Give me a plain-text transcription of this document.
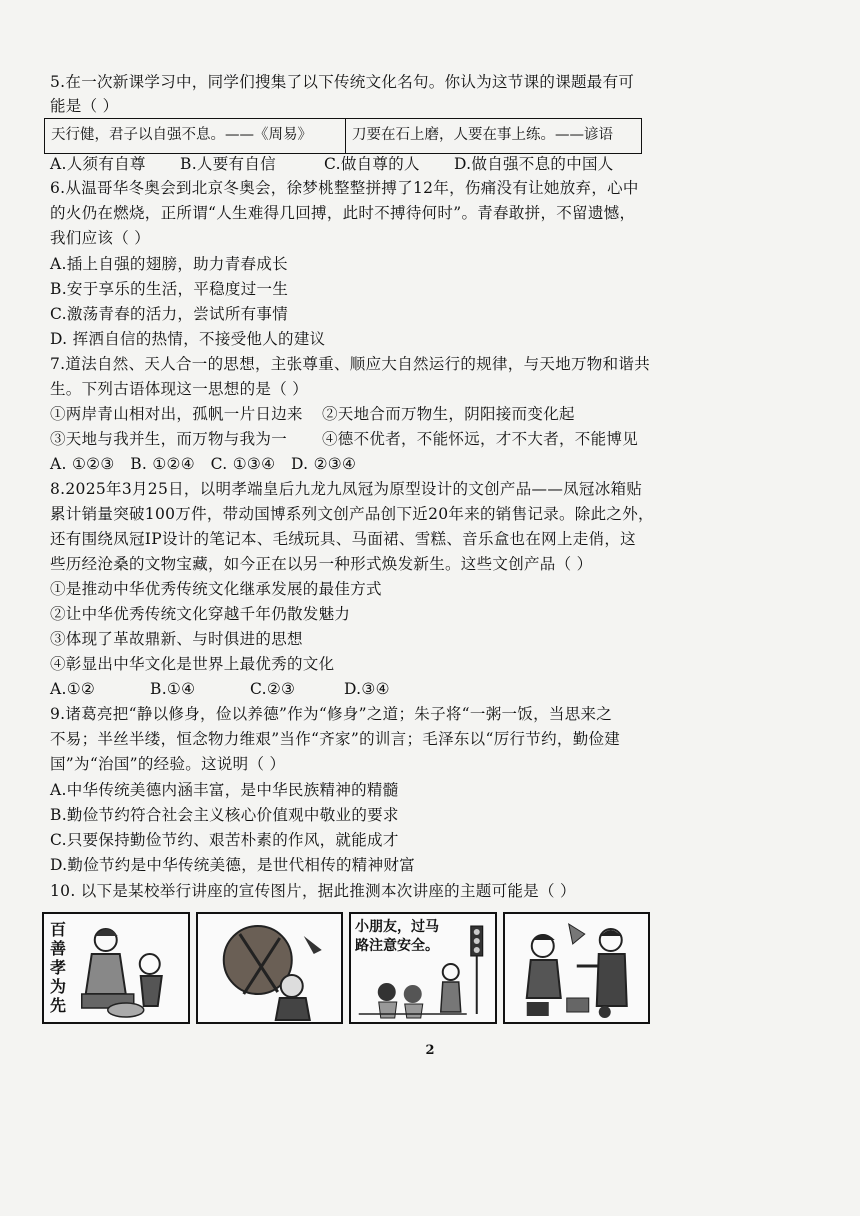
5.在一次新课学习中，同学们搜集了以下传统文化名句。你认为这节课的课题最有可
能是（ ）
天行健，君子以自强不息。——《周易》	刀要在石上磨，人要在事上练。——谚语
A.人须有自尊	B.人要有自信	C.做自尊的人	D.做自强不息的中国人
6.从温哥华冬奥会到北京冬奥会，徐梦桃整整拼搏了12年，伤痛没有让她放弃，心中
的火仍在燃烧，正所谓“人生难得几回搏，此时不搏待何时”。青春敢拼，不留遗憾，
我们应该（ ）
A.插上自强的翅膀，助力青春成长
B.安于享乐的生活，平稳度过一生
C.激荡青春的活力，尝试所有事情
D. 挥洒自信的热情，不接受他人的建议
7.道法自然、天人合一的思想，主张尊重、顺应大自然运行的规律，与天地万物和谐共
生。下列古语体现这一思想的是（ ）
①两岸青山相对出，孤帆一片日边来	②天地合而万物生，阴阳接而变化起
③天地与我并生，而万物与我为一	④德不优者，不能怀远，才不大者，不能博见
A. ①②③   B. ①②④   C. ①③④   D. ②③④
8.2025年3月25日，以明孝端皇后九龙九凤冠为原型设计的文创产品——凤冠冰箱贴
累计销量突破100万件，带动国博系列文创产品创下近20年来的销售记录。除此之外，
还有围绕凤冠IP设计的笔记本、毛绒玩具、马面裙、雪糕、音乐盒也在网上走俏，这
些历经沧桑的文物宝藏，如今正在以另一种形式焕发新生。这些文创产品（ ）
①是推动中华优秀传统文化继承发展的最佳方式
②让中华优秀传统文化穿越千年仍散发魅力
③体现了革故鼎新、与时俱进的思想
④彰显出中华文化是世界上最优秀的文化
A.①②	B.①④	C.②③	D.③④
9.诸葛亮把“静以修身，俭以养德”作为“修身”之道；朱子将“一粥一饭，当思来之
不易；半丝半缕，恒念物力维艰”当作“齐家”的训言；毛泽东以“厉行节约，勤俭建
国”为“治国”的经验。这说明（ ）
A.中华传统美德内涵丰富，是中华民族精神的精髓
B.勤俭节约符合社会主义核心价值观中敬业的要求
C.只要保持勤俭节约、艰苦朴素的作风，就能成才
D.勤俭节约是中华传统美德，是世代相传的精神财富
10. 以下是某校举行讲座的宣传图片，据此推测本次讲座的主题可能是（ ）
百善孝为先
小朋友，过马
路注意安全。
2
